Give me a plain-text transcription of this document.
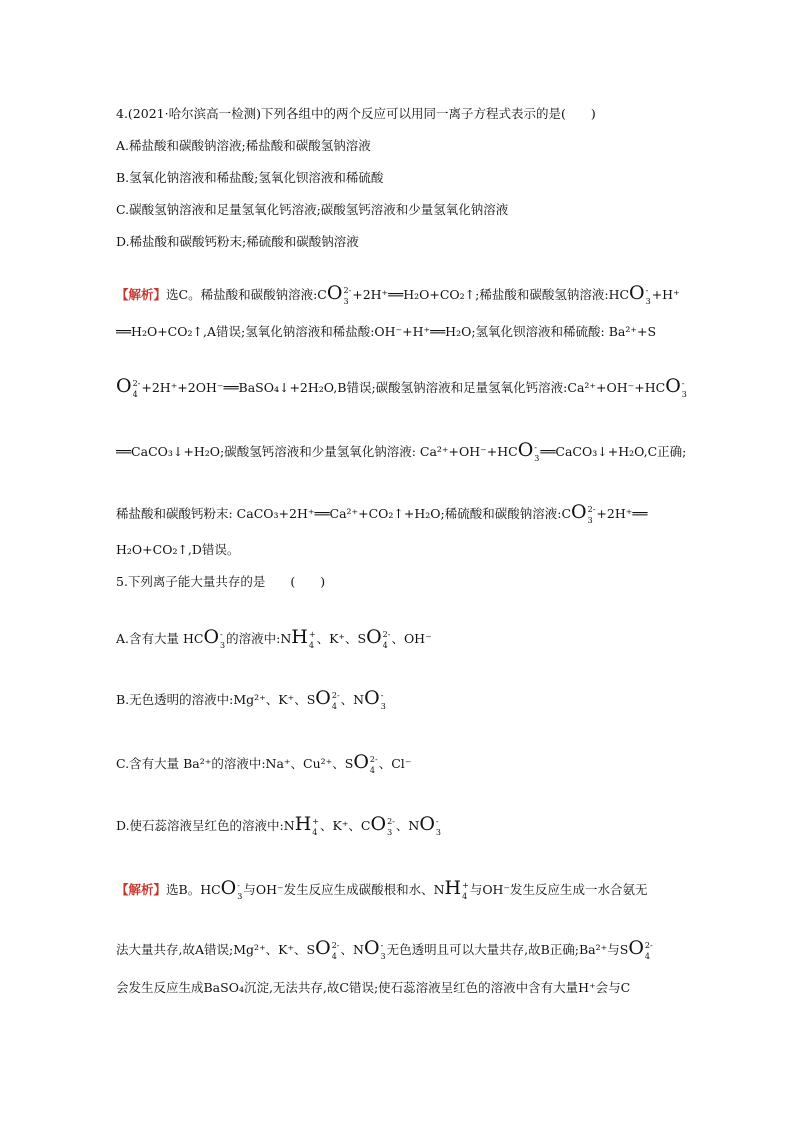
4.(2021·哈尔滨高一检测)下列各组中的两个反应可以用同一离子方程式表示的是(　　)
A.稀盐酸和碳酸钠溶液;稀盐酸和碳酸氢钠溶液
B.氢氧化钠溶液和稀盐酸;氢氧化钡溶液和稀硫酸
C.碳酸氢钠溶液和足量氢氧化钙溶液;碳酸氢钙溶液和少量氢氧化钠溶液
D.稀盐酸和碳酸钙粉末;稀硫酸和碳酸钠溶液
【解析】选C。稀盐酸和碳酸钠溶液:CO 2-
3 +2H⁺══H₂O+CO₂↑;稀盐酸和碳酸氢钠溶液:HCO -
3 +H⁺
══H₂O+CO₂↑,A错误;氢氧化钠溶液和稀盐酸:OH⁻+H⁺══H₂O;氢氧化钡溶液和稀硫酸: Ba²⁺+S
O 2-
4 +2H⁺+2OH⁻══BaSO₄↓+2H₂O,B错误;碳酸氢钠溶液和足量氢氧化钙溶液:Ca²⁺+OH⁻+HCO -
3
══CaCO₃↓+H₂O;碳酸氢钙溶液和少量氢氧化钠溶液: Ca²⁺+OH⁻+HCO -
3 ══CaCO₃↓+H₂O,C正确;
稀盐酸和碳酸钙粉末: CaCO₃+2H⁺══Ca²⁺+CO₂↑+H₂O;稀硫酸和碳酸钠溶液:CO 2-
3 +2H⁺══
H₂O+CO₂↑,D错误。
5.下列离子能大量共存的是　　(　　)
A.含有大量 HCO -
3 的溶液中:NH +
4 、K⁺、SO 2-
4 、OH⁻
B.无色透明的溶液中:Mg²⁺、K⁺、SO 2-
4 、NO -
3
C.含有大量 Ba²⁺的溶液中:Na⁺、Cu²⁺、SO 2-
4 、Cl⁻
D.使石蕊溶液呈红色的溶液中:NH +
4 、K⁺、CO 2-
3 、NO -
3
【解析】选B。HCO -
3 与OH⁻发生反应生成碳酸根和水、NH +
4 与OH⁻发生反应生成一水合氨无
法大量共存,故A错误;Mg²⁺、K⁺、SO 2-
4 、NO -
3 无色透明且可以大量共存,故B正确;Ba²⁺与SO 2-
4
会发生反应生成BaSO₄沉淀,无法共存,故C错误;使石蕊溶液呈红色的溶液中含有大量H⁺会与C
